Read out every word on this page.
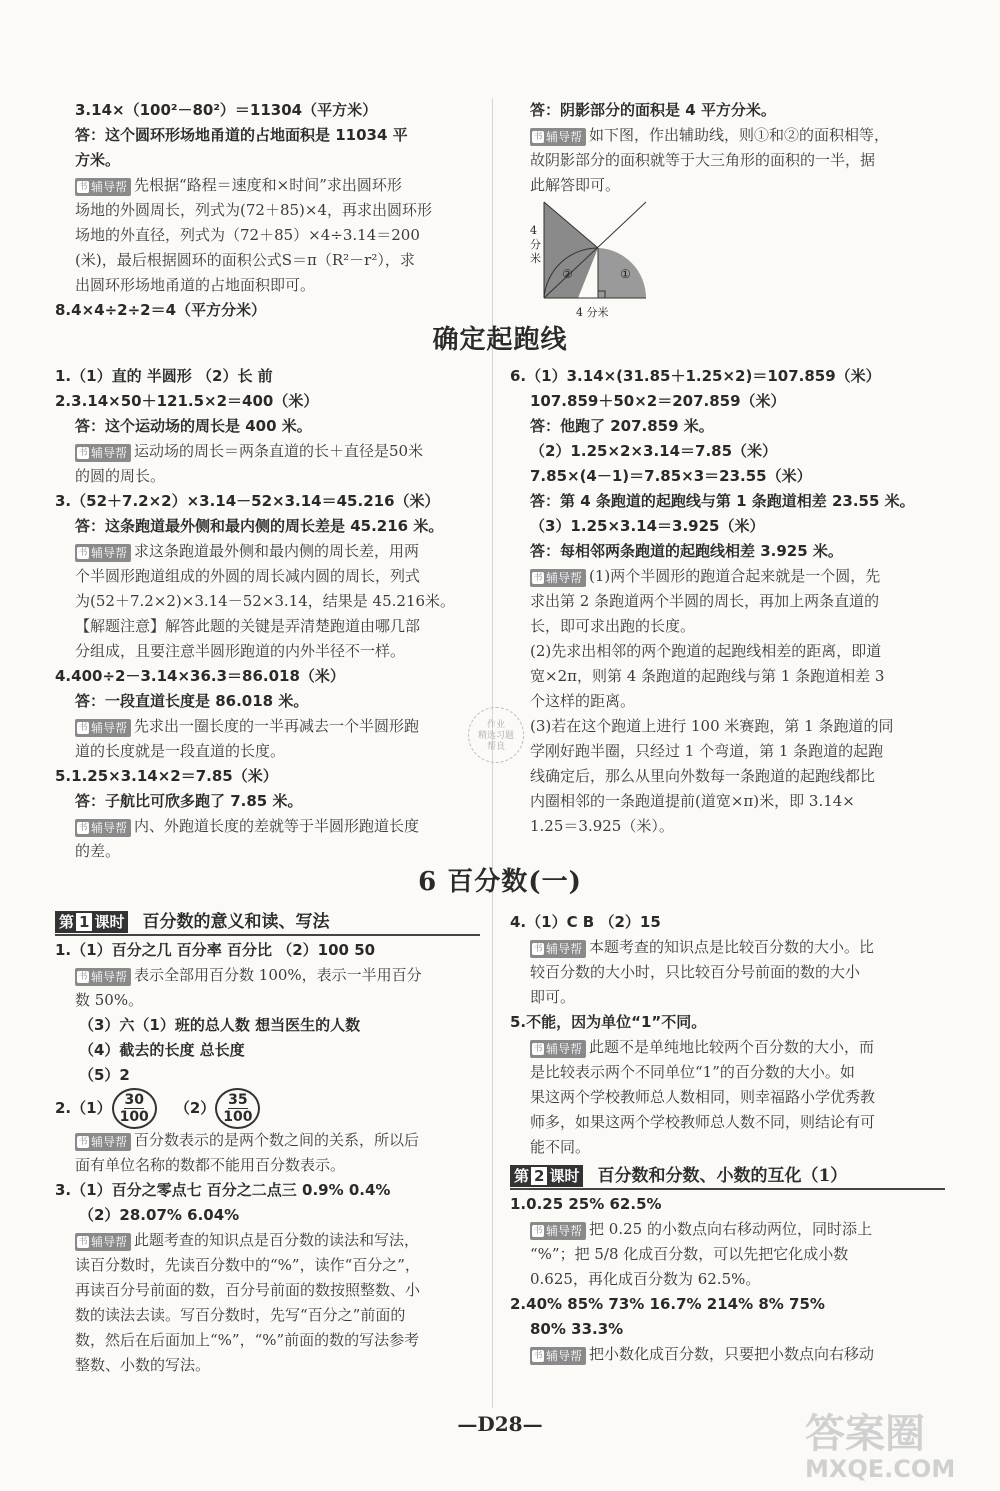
3.14×（100²－80²）＝11304（平方米）
答：这个圆环形场地甬道的占地面积是 11034 平
方米。
书 辅导帮 先根据“路程＝速度和×时间”求出圆环形
场地的外圆周长，列式为(72＋85)×4，再求出圆环形
场地的外直径，列式为（72＋85）×4÷3.14＝200
(米)，最后根据圆环的面积公式S＝π（R²－r²），求
出圆环形场地甬道的占地面积即可。
8.4×4÷2÷2＝4（平方分米）
答：阴影部分的面积是 4 平方分米。
书 辅导帮 如下图，作出辅助线，则①和②的面积相等，
故阴影部分的面积就等于大三角形的面积的一半，据
此解答即可。
②	①
4
分
米
4 分米
确定起跑线
1.（1）直的 半圆形 （2）长 前
2.3.14×50＋121.5×2＝400（米）
答：这个运动场的周长是 400 米。
书 辅导帮 运动场的周长＝两条直道的长＋直径是50米
的圆的周长。
3.（52＋7.2×2）×3.14－52×3.14＝45.216（米）
答：这条跑道最外侧和最内侧的周长差是 45.216 米。
书 辅导帮 求这条跑道最外侧和最内侧的周长差，用两
个半圆形跑道组成的外圆的周长减内圆的周长，列式
为(52＋7.2×2)×3.14－52×3.14，结果是 45.216米。
【解题注意】解答此题的关键是弄清楚跑道由哪几部
分组成，且要注意半圆形跑道的内外半径不一样。
4.400÷2－3.14×36.3＝86.018（米）
答：一段直道长度是 86.018 米。
书 辅导帮 先求出一圈长度的一半再减去一个半圆形跑
道的长度就是一段直道的长度。
5.1.25×3.14×2＝7.85（米）
答：子航比可欣多跑了 7.85 米。
书 辅导帮 内、外跑道长度的差就等于半圆形跑道长度
的差。
6.（1）3.14×(31.85＋1.25×2)＝107.859（米）
107.859＋50×2＝207.859（米）
答：他跑了 207.859 米。
（2）1.25×2×3.14＝7.85（米）
7.85×(4－1)＝7.85×3＝23.55（米）
答：第 4 条跑道的起跑线与第 1 条跑道相差 23.55 米。
（3）1.25×3.14＝3.925（米）
答：每相邻两条跑道的起跑线相差 3.925 米。
书 辅导帮 (1)两个半圆形的跑道合起来就是一个圆，先
求出第 2 条跑道两个半圆的周长，再加上两条直道的
长，即可求出跑的长度。
(2)先求出相邻的两个跑道的起跑线相差的距离，即道
宽×2π，则第 4 条跑道的起跑线与第 1 条跑道相差 3
个这样的距离。
(3)若在这个跑道上进行 100 米赛跑，第 1 条跑道的同
学刚好跑半圈，只经过 1 个弯道，第 1 条跑道的起跑
线确定后，那么从里向外数每一条跑道的起跑线都比
内圈相邻的一条跑道提前(道宽×π)米，即 3.14×
1.25＝3.925（米）。
作业
精选习题
帮良
6 百分数(一)
第 1 课时 百分数的意义和读、写法
1.（1）百分之几 百分率 百分比 （2）100 50
书 辅导帮 表示全部用百分数 100%，表示一半用百分
数 50%。
（3）六（1）班的总人数 想当医生的人数
（4）截去的长度 总长度
（5）2
$2.(1) \frac{30}{100} (2) \frac{35}{100}$
书 辅导帮 百分数表示的是两个数之间的关系，所以后
面有单位名称的数都不能用百分数表示。
3.（1）百分之零点七 百分之二点三 0.9% 0.4%
（2）28.07% 6.04%
书 辅导帮 此题考查的知识点是百分数的读法和写法，
读百分数时，先读百分数中的“%”，读作“百分之”，
再读百分号前面的数，百分号前面的数按照整数、小
数的读法去读。写百分数时，先写“百分之”前面的
数，然后在后面加上“%”，“%”前面的数的写法参考
整数、小数的写法。
4.（1）C B （2）15
书 辅导帮 本题考查的知识点是比较百分数的大小。比
较百分数的大小时，只比较百分号前面的数的大小
即可。
5.不能，因为单位“1”不同。
书 辅导帮 此题不是单纯地比较两个百分数的大小，而
是比较表示两个不同单位“1”的百分数的大小。如
果这两个学校教师总人数相同，则幸福路小学优秀教
师多，如果这两个学校教师总人数不同，则结论有可
能不同。
第 2 课时 百分数和分数、小数的互化（1）
1.0.25 25% 62.5%
书 辅导帮 把 0.25 的小数点向右移动两位，同时添上
“%”；把 5/8 化成百分数，可以先把它化成小数
0.625，再化成百分数为 62.5%。
2.40% 85% 73% 16.7% 214% 8% 75%
80% 33.3%
书 辅导帮 把小数化成百分数，只要把小数点向右移动
—D28—	答案圈
MXQE.COM
